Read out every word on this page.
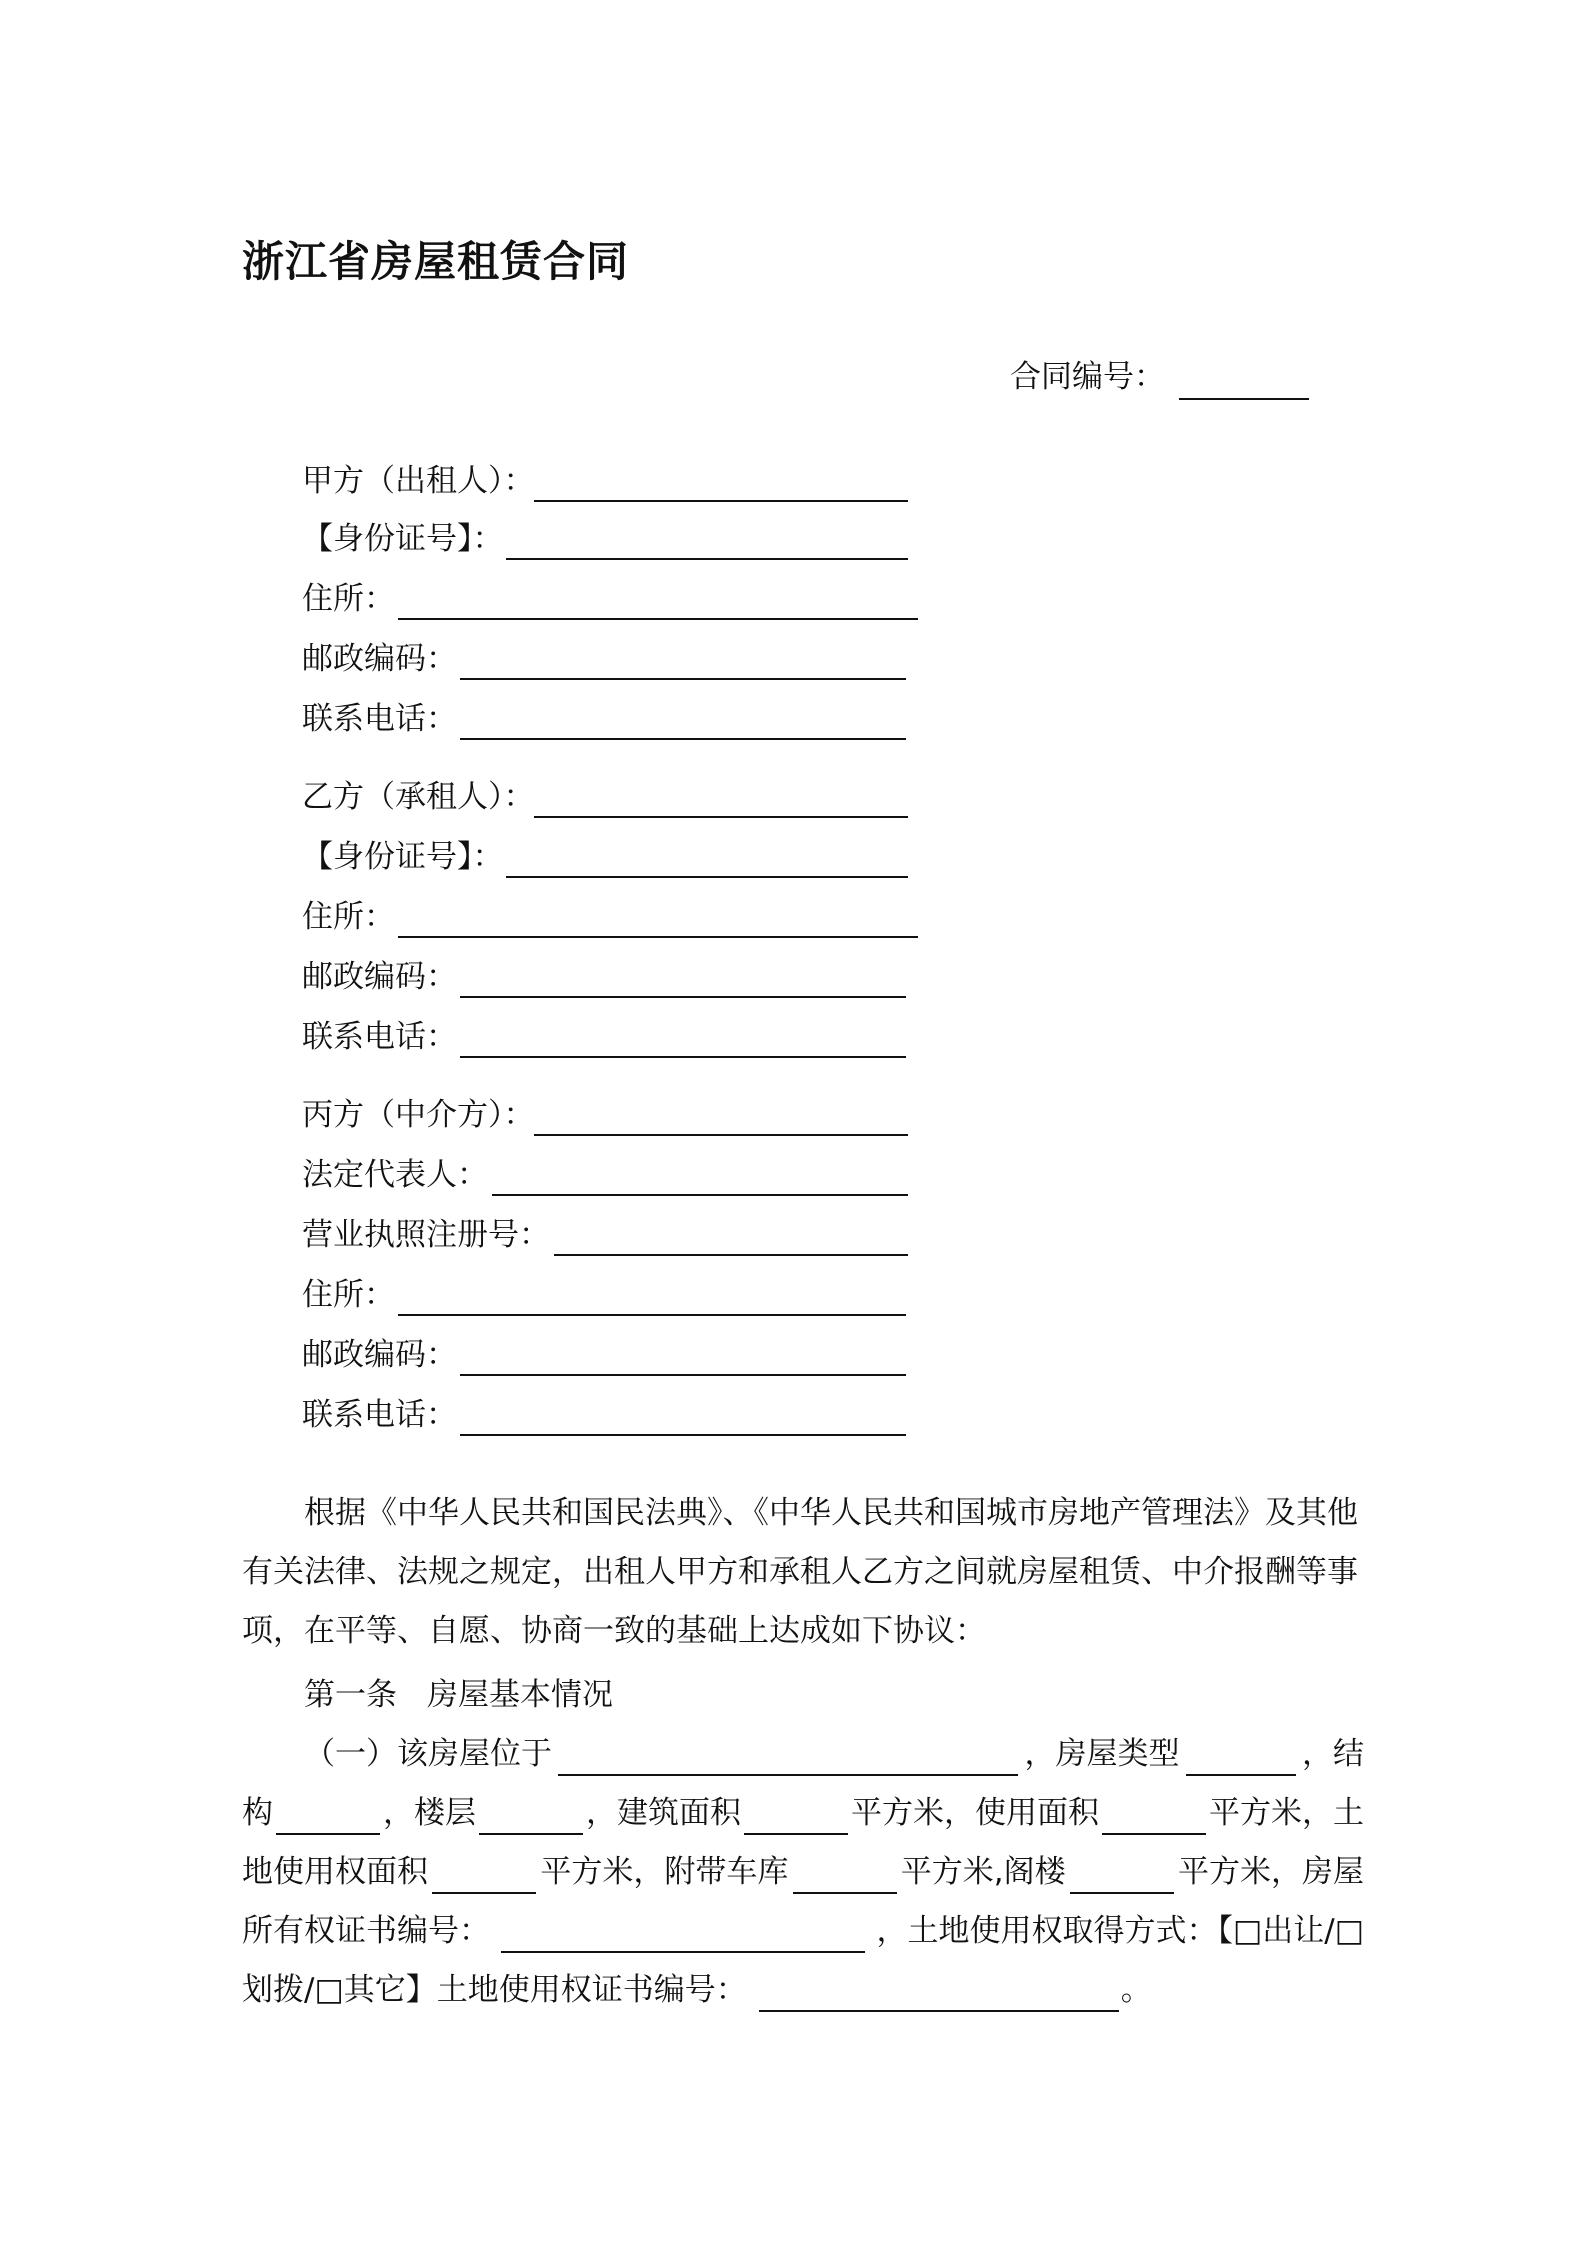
浙江省房屋租赁合同
合同编号：
甲方（出租人）：
【身份证号】：
住所：
邮政编码：
联系电话：
乙方（承租人）：
【身份证号】：
住所：
邮政编码：
联系电话：
丙方（中介方）：
法定代表人：
营业执照注册号：
住所：
邮政编码：
联系电话：
根据《中华人民共和国民法典》、《中华人民共和国城市房地产管理法》及其他
有关法律、法规之规定，出租人甲方和承租人乙方之间就房屋租赁、中介报酬等事
项，在平等、自愿、协商一致的基础上达成如下协议：
第一条 房屋基本情况
（一）该房屋位于	，房屋类型	，结
构	，楼层	，建筑面积	平方米，使用面积	平方米，土
地使用权面积	平方米，附带车库	平方米,阁楼	平方米，房屋
所有权证书编号：	，土地使用权取得方式：【□出让/□
划拨/□其它】土地使用权证书编号：	。
